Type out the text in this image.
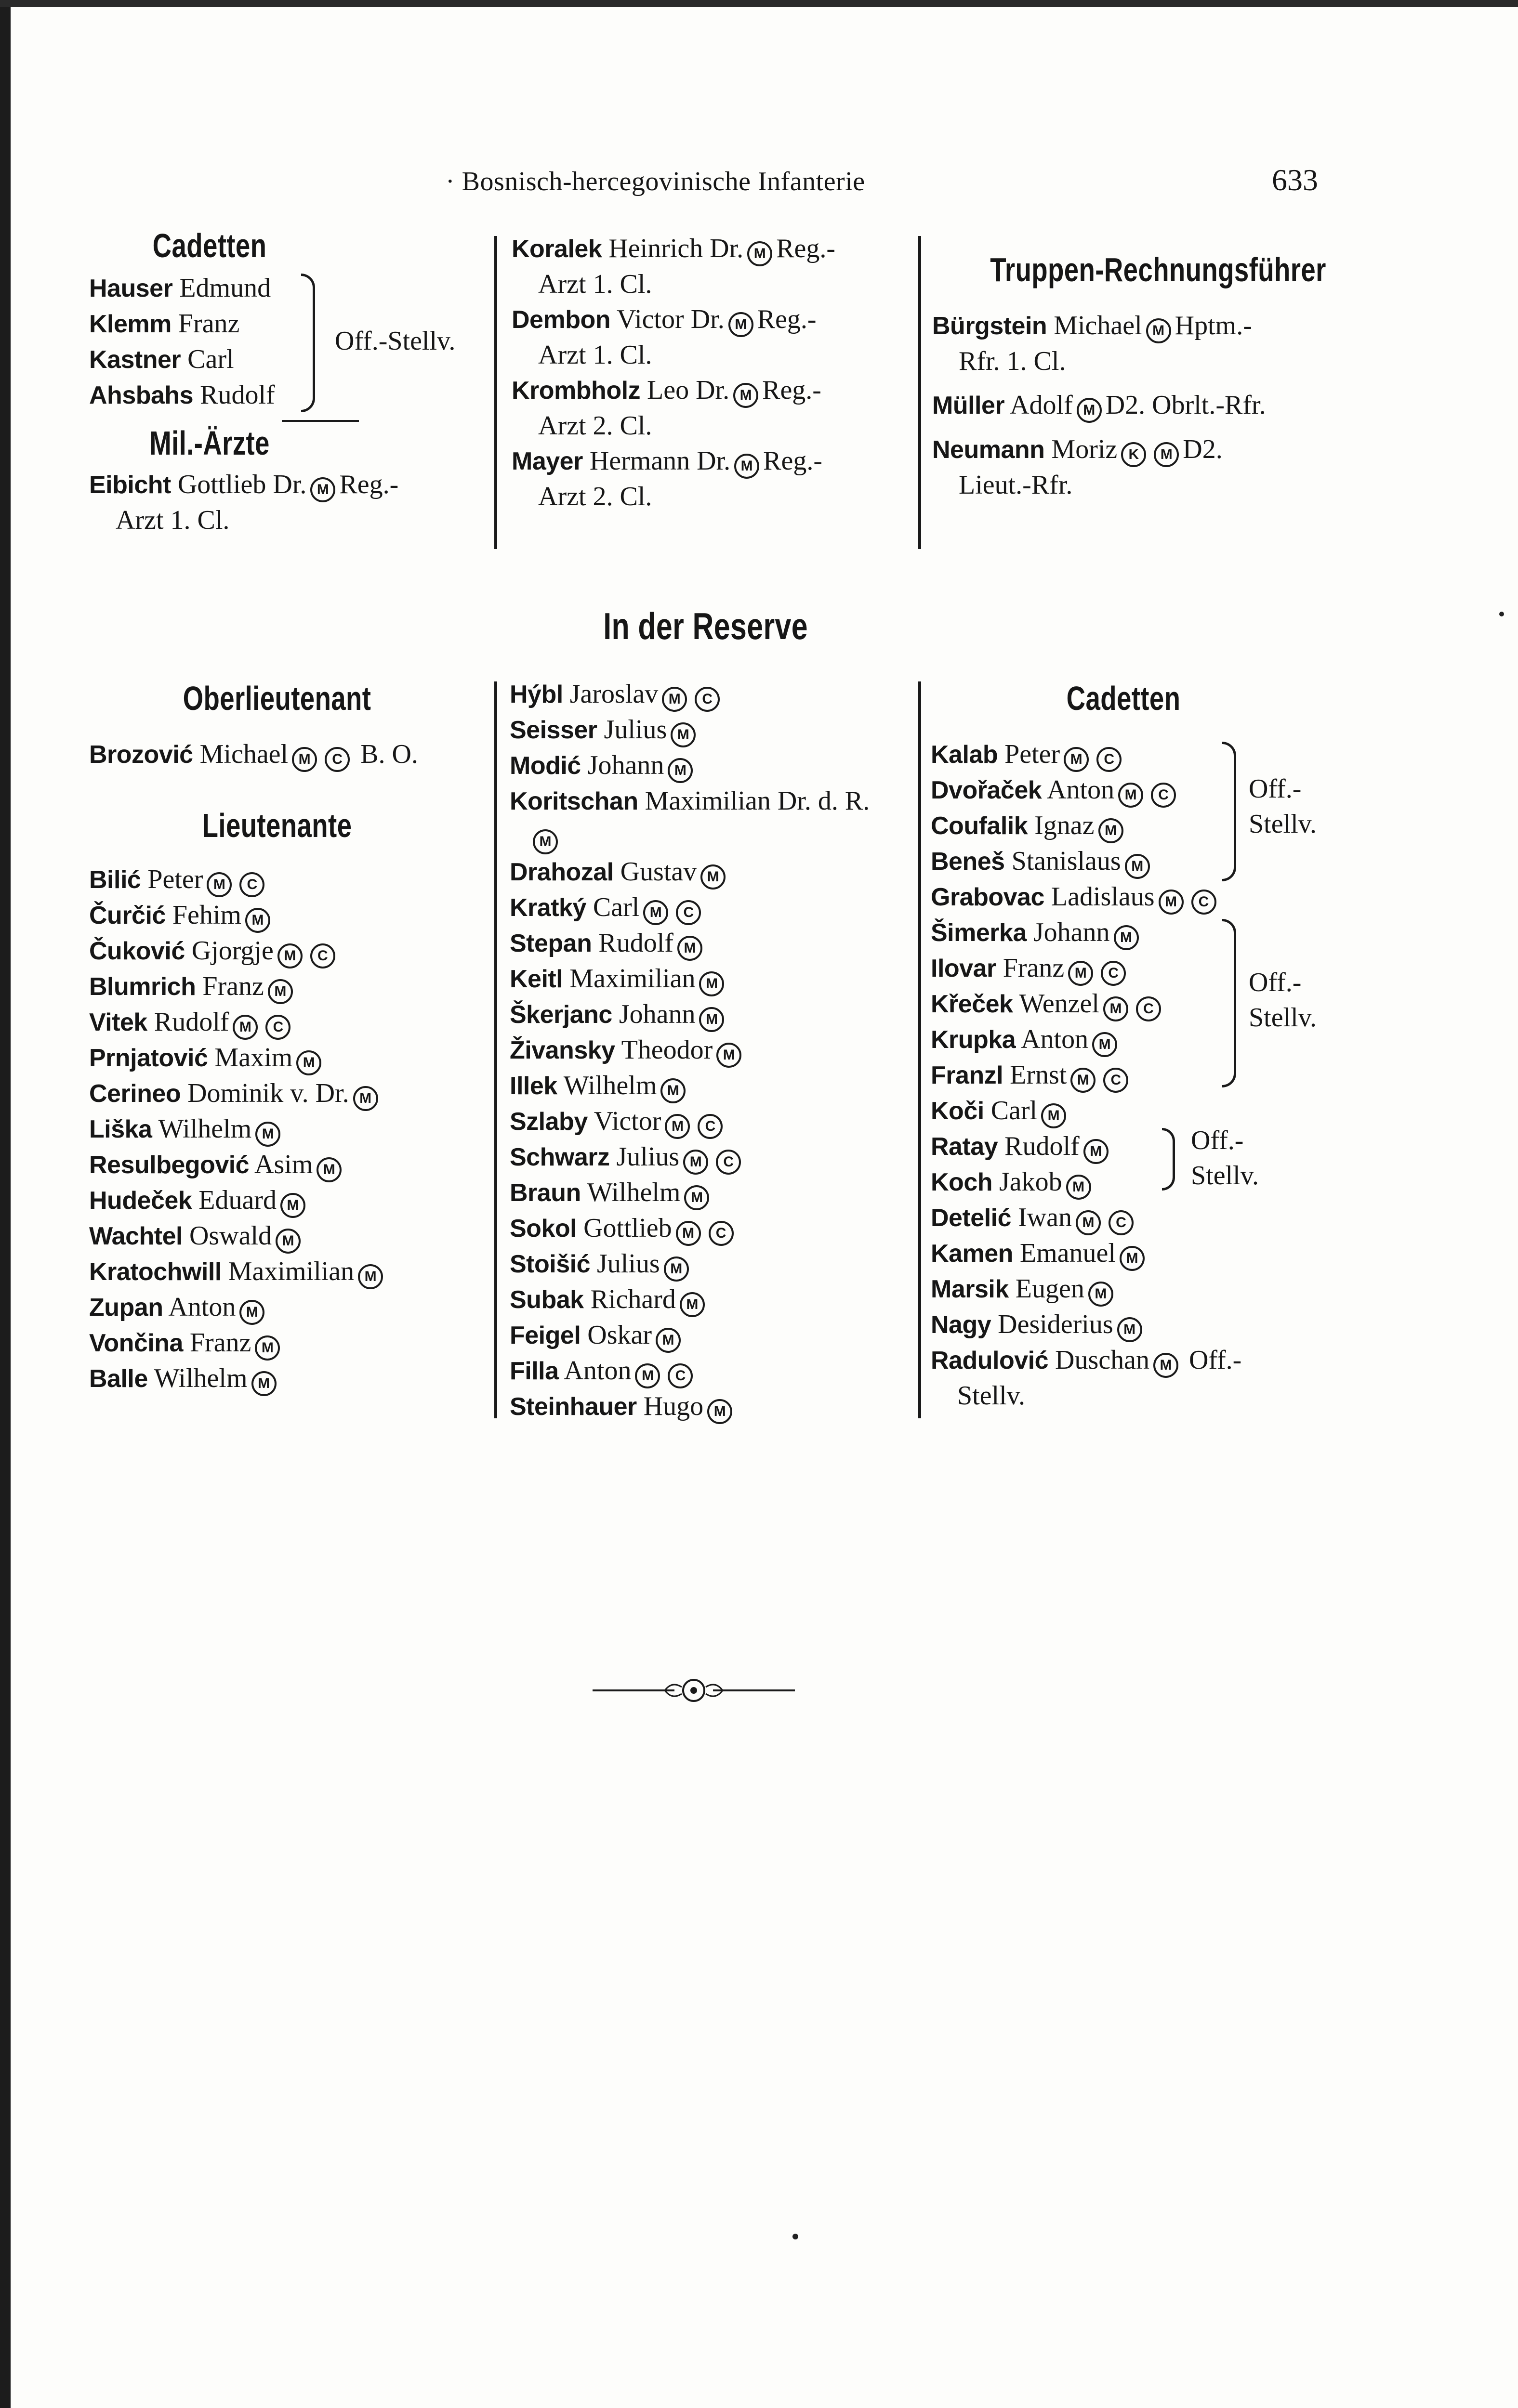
· Bosnisch-hercegovinische Infanterie	633
Cadetten
Hauser Edmund
Klemm Franz
Kastner Carl
Ahsbahs Rudolf
Off.-Stellv.
Mil.-Ärzte
Eibicht Gottlieb Dr. M Reg.-
Arzt 1. Cl.
Koralek Heinrich Dr. M Reg.-
Arzt 1. Cl.
Dembon Victor Dr. M Reg.-
Arzt 1. Cl.
Krombholz Leo Dr. M Reg.-
Arzt 2. Cl.
Mayer Hermann Dr. M Reg.-
Arzt 2. Cl.
Truppen-Rechnungsführer
Bürgstein Michael M Hptm.-
Rfr. 1. Cl.
Müller Adolf M D2. Obrlt.-Rfr.
Neumann Moriz K M D2.
Lieut.-Rfr.
In der Reserve
Oberlieutenant
Brozović Michael M C B. O.
Lieutenante
Bilić Peter M C
Čurčić Fehim M
Čuković Gjorgje M C
Blumrich Franz M
Vitek Rudolf M C
Prnjatović Maxim M
Cerineo Dominik v. Dr. M
Liška Wilhelm M
Resulbegović Asim M
Hudeček Eduard M
Wachtel Oswald M
Kratochwill Maximilian M
Zupan Anton M
Vončina Franz M
Balle Wilhelm M
Hýbl Jaroslav M C
Seisser Julius M
Modić Johann M
Koritschan Maximilian Dr. d. R.
M
Drahozal Gustav M
Kratký Carl M C
Stepan Rudolf M
Keitl Maximilian M
Škerjanc Johann M
Živansky Theodor M
Illek Wilhelm M
Szlaby Victor M C
Schwarz Julius M C
Braun Wilhelm M
Sokol Gottlieb M C
Stoišić Julius M
Subak Richard M
Feigel Oskar M
Filla Anton M C
Steinhauer Hugo M
Cadetten
Kalab Peter M C
Dvořaček Anton M C
Coufalik Ignaz M
Beneš Stanislaus M
Grabovac Ladislaus M C
Šimerka Johann M
Ilovar Franz M C
Křeček Wenzel M C
Krupka Anton M
Franzl Ernst M C
Koči Carl M
Ratay Rudolf M
Koch Jakob M
Detelić Iwan M C
Kamen Emanuel M
Marsik Eugen M
Nagy Desiderius M
Radulović Duschan M Off.-
Stellv.
Off.-
Stellv.
Off.-
Stellv.
Off.-
Stellv.
